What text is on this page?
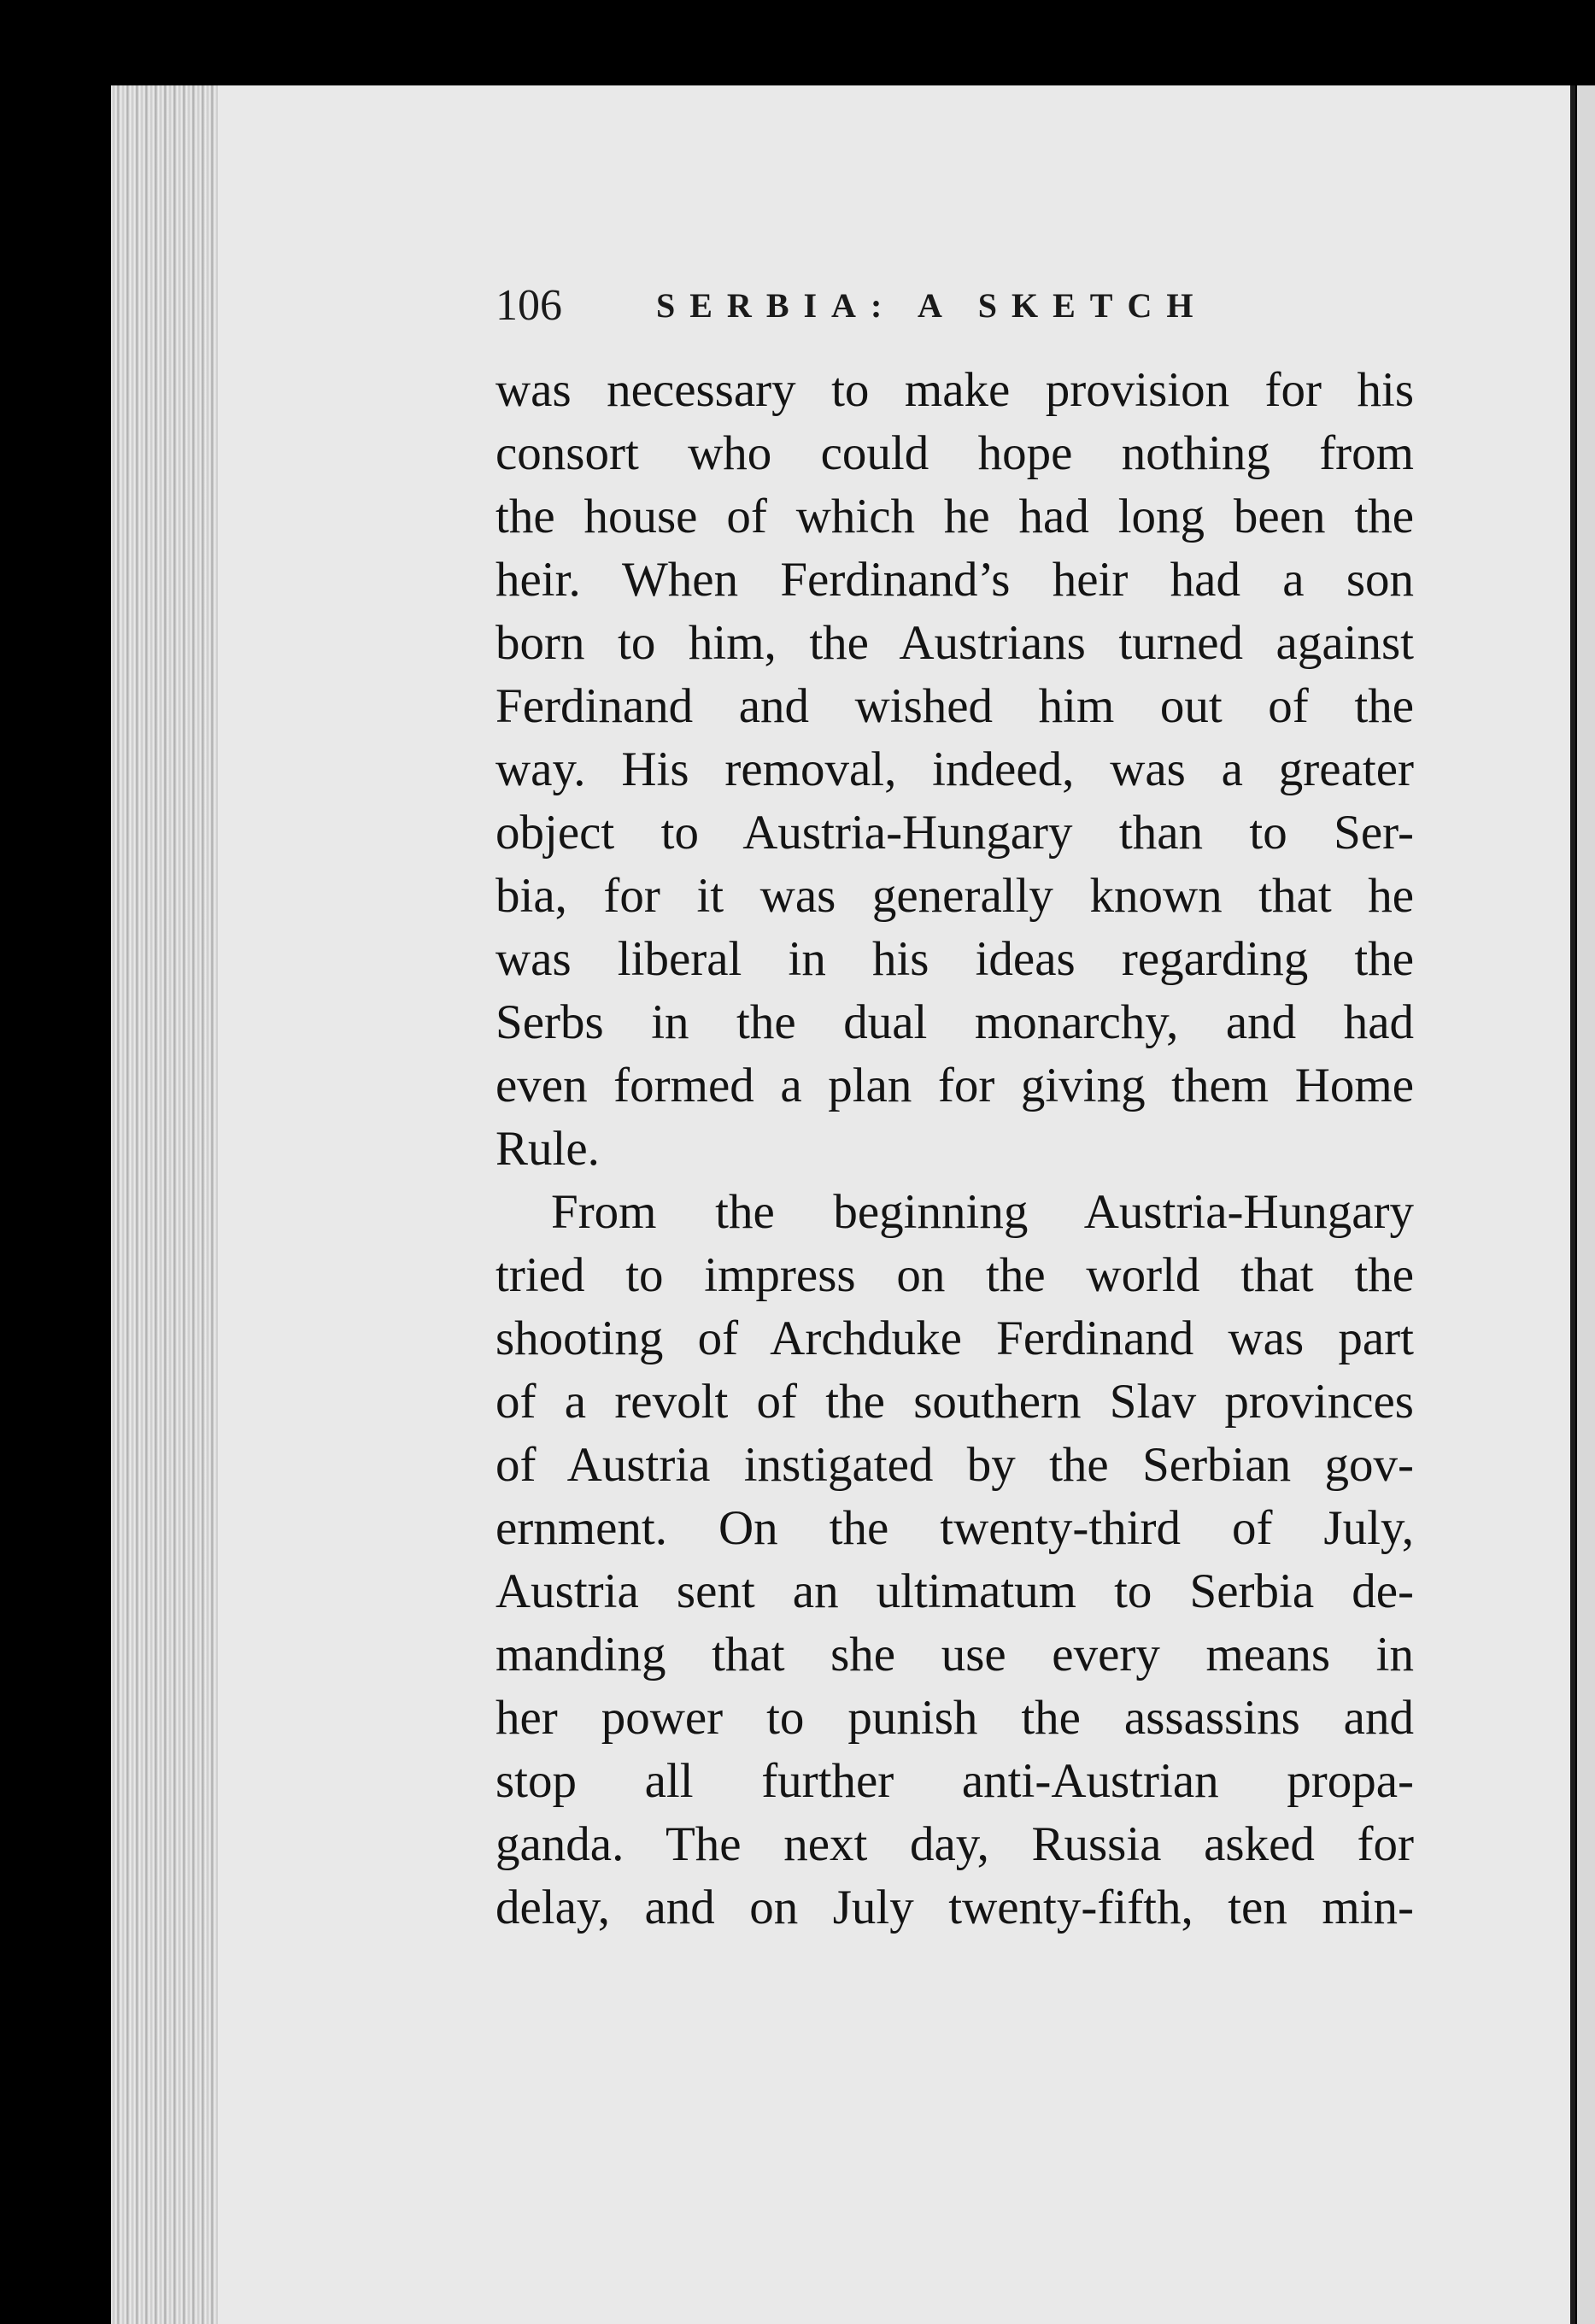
106	SERBIA: A SKETCH
was necessary to make provision for his
consort who could hope nothing from
the house of which he had long been the
heir. When Ferdinand’s heir had a son
born to him, the Austrians turned against
Ferdinand and wished him out of the
way. His removal, indeed, was a greater
object to Austria-Hungary than to Ser-
bia, for it was generally known that he
was liberal in his ideas regarding the
Serbs in the dual monarchy, and had
even formed a plan for giving them Home
Rule.
From the beginning Austria-Hungary
tried to impress on the world that the
shooting of Archduke Ferdinand was part
of a revolt of the southern Slav provinces
of Austria instigated by the Serbian gov-
ernment. On the twenty-third of July,
Austria sent an ultimatum to Serbia de-
manding that she use every means in
her power to punish the assassins and
stop all further anti-Austrian propa-
ganda. The next day, Russia asked for
delay, and on July twenty-fifth, ten min-
